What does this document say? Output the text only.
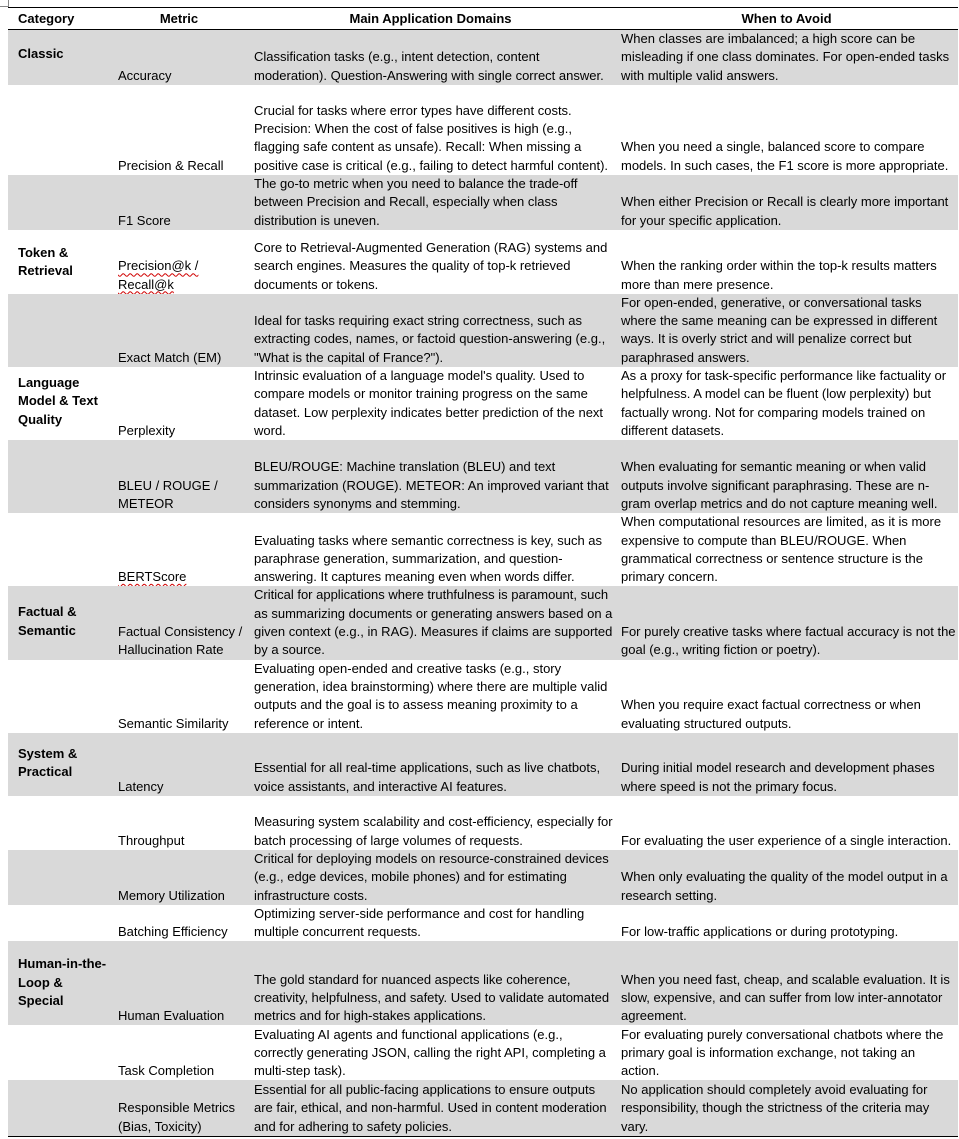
Category	Metric	Main Application Domains	When to Avoid
Classic	Accuracy	Classification tasks (e.g., intent detection, content moderation). Question-Answering with single correct answer.	When classes are imbalanced; a high score can be misleading if one class dominates. For open-ended tasks with multiple valid answers.
	Precision & Recall	Crucial for tasks where error types have different costs. Precision: When the cost of false positives is high (e.g., flagging safe content as unsafe). Recall: When missing a positive case is critical (e.g., failing to detect harmful content).	When you need a single, balanced score to compare models. In such cases, the F1 score is more appropriate.
	F1 Score	The go-to metric when you need to balance the trade-off between Precision and Recall, especially when class distribution is uneven.	When either Precision or Recall is clearly more important for your specific application.
Token & Retrieval	Precision@k / Recall@k	Core to Retrieval-Augmented Generation (RAG) systems and search engines. Measures the quality of top-k retrieved documents or tokens.	When the ranking order within the top-k results matters more than mere presence.
	Exact Match (EM)	Ideal for tasks requiring exact string correctness, such as extracting codes, names, or factoid question-answering (e.g., "What is the capital of France?").	For open-ended, generative, or conversational tasks where the same meaning can be expressed in different ways. It is overly strict and will penalize correct but paraphrased answers.
Language Model & Text Quality	Perplexity	Intrinsic evaluation of a language model's quality. Used to compare models or monitor training progress on the same dataset. Low perplexity indicates better prediction of the next word.	As a proxy for task-specific performance like factuality or helpfulness. A model can be fluent (low perplexity) but factually wrong. Not for comparing models trained on different datasets.
	BLEU / ROUGE / METEOR	BLEU/ROUGE: Machine translation (BLEU) and text summarization (ROUGE). METEOR: An improved variant that considers synonyms and stemming.	When evaluating for semantic meaning or when valid outputs involve significant paraphrasing. These are n-gram overlap metrics and do not capture meaning well.
	BERTScore	Evaluating tasks where semantic correctness is key, such as paraphrase generation, summarization, and question-answering. It captures meaning even when words differ.	When computational resources are limited, as it is more expensive to compute than BLEU/ROUGE. When grammatical correctness or sentence structure is the primary concern.
Factual & Semantic	Factual Consistency / Hallucination Rate	Critical for applications where truthfulness is paramount, such as summarizing documents or generating answers based on a given context (e.g., in RAG). Measures if claims are supported by a source.	For purely creative tasks where factual accuracy is not the goal (e.g., writing fiction or poetry).
	Semantic Similarity	Evaluating open-ended and creative tasks (e.g., story generation, idea brainstorming) where there are multiple valid outputs and the goal is to assess meaning proximity to a reference or intent.	When you require exact factual correctness or when evaluating structured outputs.
System & Practical	Latency	Essential for all real-time applications, such as live chatbots, voice assistants, and interactive AI features.	During initial model research and development phases where speed is not the primary focus.
	Throughput	Measuring system scalability and cost-efficiency, especially for batch processing of large volumes of requests.	For evaluating the user experience of a single interaction.
	Memory Utilization	Critical for deploying models on resource-constrained devices (e.g., edge devices, mobile phones) and for estimating infrastructure costs.	When only evaluating the quality of the model output in a research setting.
	Batching Efficiency	Optimizing server-side performance and cost for handling multiple concurrent requests.	For low-traffic applications or during prototyping.
Human-in-the-Loop & Special	Human Evaluation	The gold standard for nuanced aspects like coherence, creativity, helpfulness, and safety. Used to validate automated metrics and for high-stakes applications.	When you need fast, cheap, and scalable evaluation. It is slow, expensive, and can suffer from low inter-annotator agreement.
	Task Completion	Evaluating AI agents and functional applications (e.g., correctly generating JSON, calling the right API, completing a multi-step task).	For evaluating purely conversational chatbots where the primary goal is information exchange, not taking an action.
	Responsible Metrics (Bias, Toxicity)	Essential for all public-facing applications to ensure outputs are fair, ethical, and non-harmful. Used in content moderation and for adhering to safety policies.	No application should completely avoid evaluating for responsibility, though the strictness of the criteria may vary.
